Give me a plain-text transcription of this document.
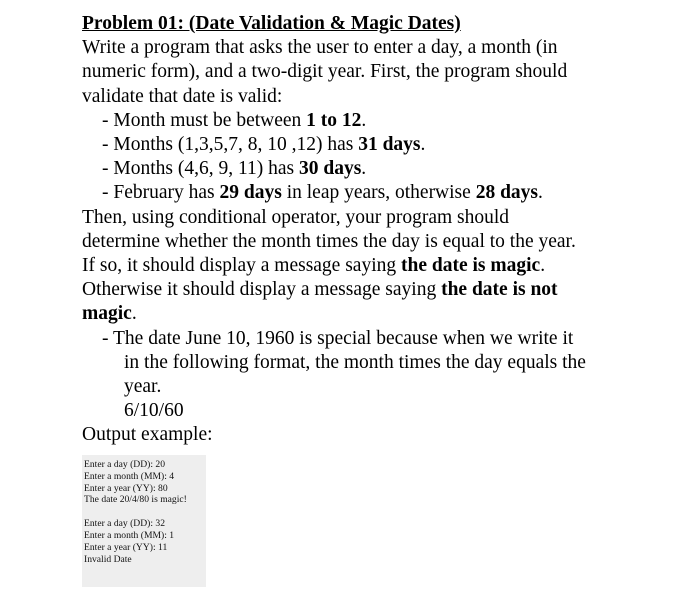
Problem 01: (Date Validation & Magic Dates)
Write a program that asks the user to enter a day, a month (in
numeric form), and a two-digit year. First, the program should
validate that date is valid:
- Month must be between 1 to 12.
- Months (1,3,5,7, 8, 10 ,12) has 31 days.
- Months (4,6, 9, 11) has 30 days.
- February has 29 days in leap years, otherwise 28 days.
Then, using conditional operator, your program should
determine whether the month times the day is equal to the year.
If so, it should display a message saying the date is magic.
Otherwise it should display a message saying the date is not
magic.
- The date June 10, 1960 is special because when we write it
in the following format, the month times the day equals the
year.
6/10/60
Output example:
Enter a day (DD): 20
Enter a month (MM): 4
Enter a year (YY): 80
The date 20/4/80 is magic!
Enter a day (DD): 32
Enter a month (MM): 1
Enter a year (YY): 11
Invalid Date
